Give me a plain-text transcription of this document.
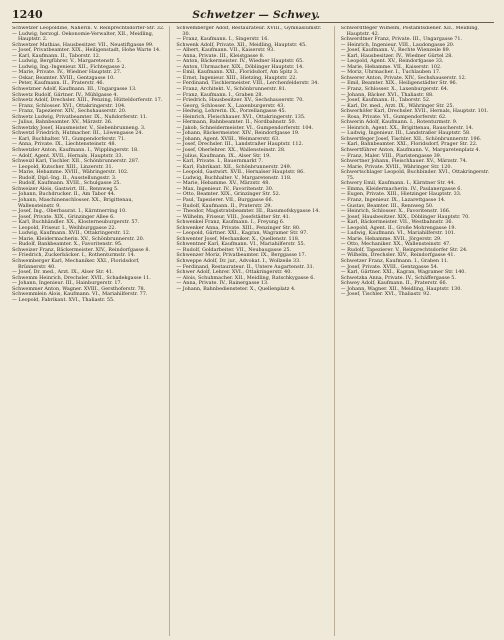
1240	Schwetzer — Schwey.

Schwetzer Leopoldine, Näherin. V. Reinprechtsdorfer-Str. 32.

— Ludwig, herzogl. Oekonomie-Verwalter, XII., Meidling, Hauptstr. 2.

Schwetzer Mathias, Hausbesitzer. VII., Neustiftgasse 99.

— Josef, Privatbeamter. XIX., Heiligenstadt, Hohe Warte 14.

— Karl, Kaufmann. II., Taborstr. 12.

— Ludwig, Bergführer. V., Margaretenstr. 5.

— Ludwig, Ing.-Ingenieur. XII., Fichtegasse 2.

— Marie, Private. IV., Wiedner Hauptstr. 27.

— Oskar, Beamter. XVIII., Gentzgasse 10.

— Peter, Kaufmann. II., Praterstr. 46.

Schwetzner Adolf, Kaufmann. III., Ungargasse 13.

Schwetz Rudolf, Gärtner. IV., Mühlgasse 4.

Schwetz Adolf, Drechsler. XIII., Penzing, Hütteldorferstr. 17.

— Franz, Schlosser. XVI., Ottakringerstr. 104.

— Franz, Tapezierer. XIV., Sechshauserstr. 20.

Schwetz Ludwig, Privatbeamter. IX., Nußdorferstr. 11.

— Julius, Bahnbeamter. XV., Märzstr. 36.

Schwetzky Josef, Hausmeister. V., Siebenbrunneng. 3.

Schwetzl Friedrich, Hutmacher. III., Löwengasse 24.

— Karl, Buchhalter. VI., Gumpendorferstr. 71.

— Anna, Private. IX., Liechtensteinstr. 48.

Schwetzler Anton, Kaufmann. I., Wipplingerstr. 18.

— Adolf, Agent. XVII., Hernals, Hauptstr. 33.

Schweizl Karl, Tischler. XII., Schönbrunnerstr. 287.

— Leopold, Kutscher. XIII., Linzerstr. 31.

— Marie, Hebamme. XVIII., Währingerstr. 102.

— Rudolf, Dipl.-Ing. II., Ausstellungsstr. 3.

— Rudolf, Kaufmann. XVIII., Schulgasse 25.

Schweizer Alois, Gastwirt. III., Rennweg 5.

— Johann, Buchdrucker. II., Am Tabor 44.

— Johann, Maschinenschlosser. XX., Brigittenau, Wallensteinstr. 9.

— Josef, Ing., Oberbaurat. I., Kärntnerring 10.

— Josef, Private. XIX., Grinzinger Allee 6.

— Karl, Buchhändler. XX., Klosterneuburgerstr. 57.

— Leopold, Friseur. I., Weihburggasse 22.

— Ludwig, Kaufmann. XVII., Ottakringerstr. 12.

— Marie, Kleidermacherin. XV., Schönbrunnerstr. 20.

— Rudolf, Bankbeamter. X., Favoritenstr. 95.

Schweizer Franz, Bäckermeister. XIV., Reindorfgasse 8.

— Friedrich, Zuckerbäcker. I., Rothenturmstr. 14.

Schwemberger Karl, Mechaniker. XXI., Floridsdorf, Brünnerstr. 40.

— Josef, Dr. med., Arzt. IX., Alser Str. 41.

Schwemm Heinrich, Drechsler. XVII., Schadekgasse 11.

— Johann, Ingenieur. III., Hainburgerstr. 17.

Schwemmer Anton, Wagner. XVIII., Gersthoferstr. 78.

Schwemmlein Alois, Kaufmann. VI., Mariahilferstr. 77.

— Leopold, Fabrikant. XVI., Thaliastr. 55.

Schwemberger Adolf, Restaurateur. XVIII., Gymnasiumstr. 30.

— Franz, Kaufmann. I., Singerstr. 16.

Schwenk Adolf, Private. XII., Meidling, Hauptstr. 45.

— Albert, Kaufmann. VII., Kaiserstr. 93.

— Anna, Private. III., Kleistgasse 8.

— Anton, Bäckermeister. IV., Wiedner Hauptstr. 65.

— Anton, Uhrmacher. XIX., Döblinger Hauptstr. 14.

— Emil, Kaufmann. XXI., Floridsdorf, Am Spitz 3.

— Ernst, Ingenieur. XIII., Hietzing, Hauptstr. 22.

— Ferdinand, Tischlermeister. VIII., Lerchenfelderstr. 34.

— Franz, Architekt. V., Schönbrunnerstr. 81.

— Franz, Kaufmann. I., Graben 28.

— Friedrich, Hausbesitzer. XV., Sechshauserstr. 70.

— Georg, Schlosser. X., Laxenburgerstr. 43.

— Hedwig, Lehrerin. IX., Porzellangasse 45.

— Heinrich, Fleischhauer. XVI., Ottakringerstr. 135.

— Hermann, Bahnbeamter. II., Nordbahnstr. 50.

— Jakob, Schneidermeister. VI., Gumpendorferstr. 104.

— Johann, Bäckermeister. XIV., Reindorfgasse 19.

— Johann, Agent. XVIII., Weimarerstr. 63.

— Josef, Drechsler. III., Landstraßer Hauptstr. 112.

— Josef, Oberlehrer. XX., Wallensteinstr. 28.

— Julius, Kaufmann. IX., Alser Str. 19.

— Karl, Private. I., Bauernmarkt 7.

— Karl, Fabrikant. XII., Schönbrunnerstr. 249.

— Leopold, Gastwirt. XVII., Hernalser Hauptstr. 86.

— Ludwig, Buchhalter. V., Margaretenstr. 118.

— Marie, Hebamme. XV., Märzstr. 48.

— Max, Ingenieur. IV., Favoritenstr. 30.

— Otto, Beamter. XIX., Grinzinger Str. 52.

— Paul, Tapezierer. VII., Burggasse 66.

— Rudolf, Kaufmann. II., Praterstr. 29.

— Theodor, Magistratsbeamter. III., Rasumofskygasse 14.

— Wilhelm, Friseur. VIII., Josefstädter Str. 41.

Schwenkel Franz, Kaufmann. I., Freyung 6.

Schwenker Anna, Private. XIII., Penzinger Str. 80.

— Leopold, Gärtner. XXI., Kagran, Wagramer Str. 97.

Schwenter Josef, Mechaniker. X., Quellenstr. 118.

Schwentner Karl, Kaufmann. VI., Mariahilferstr. 55.

— Rudolf, Goldarbeiter. VII., Neubaugasse 25.

Schwenzer Moriz, Privatbeamter. IX., Berggasse 17.

Schweppe Adolf, Dr. jur., Advokat. I., Wollzeile 33.

— Ferdinand, Restaurateur. II., Untere Augartenstr. 31.

Schwer Adolf, Lehrer. XVI., Ottakringerstr. 40.

— Alois, Schuhmacher. XII., Meidling, Ratschkygasse 6.

— Anna, Private. IV., Rainergasse 13.

— Johann, Bahnbediensteter. X., Quellenplatz 4.

Schwerdtfeger Wilhelm, Postamtsdiener. XII., Meidling, Hauptstr. 42.

Schwerdtner Franz, Private. III., Ungargasse 71.

— Heinrich, Ingenieur. VIII., Laudongasse 20.

— Josef, Kaufmann. V., Rechte Wienzeile 89.

— Karl, Hausbesitzer. IV., Wiedner Gürtel 28.

— Leopold, Agent. XV., Reindorfgasse 33.

— Marie, Hebamme. VII., Kaiserstr. 102.

— Moriz, Uhrmacher. I., Tuchlauben 17.

Schwerer Anton, Private. XIV., Sechshauserstr. 12.

— Emil, Beamter. XIX., Heiligenstädter Str. 96.

— Franz, Schlosser. X., Laxenburgerstr. 64.

— Johann, Bäcker. XVI., Thaliastr. 88.

— Josef, Kaufmann. II., Taborstr. 52.

— Karl, Dr. med., Arzt. IX., Währinger Str. 25.

Schwerhöfer Karl, Drechsler. XVII., Hernals, Hauptstr. 101.

— Rosa, Private. VI., Gumpendorferstr. 62.

Schwerin Adolf, Kaufmann. I., Rotenturmstr. 9.

— Heinrich, Agent. XX., Brigittenau, Rauscherstr. 14.

— Ludwig, Ingenieur. III., Landstraßer Hauptstr. 58.

Schwertfeger Josef, Tischler. XII., Schönbrunnerstr. 196.

— Karl, Bahnbeamter. XXI., Floridsdorf, Prager Str. 22.

Schwertführer Anton, Kaufmann. V., Margaretenplatz 4.

— Franz, Maler. VIII., Piaristengasse 39.

Schwertner Johann, Fleischhauer. XV., Märzstr. 74.

— Marie, Private. XVIII., Währinger Str. 120.

Schwertschlager Leopold, Buchbinder. XVI., Ottakringerstr. 75.

Schwery Emil, Kaufmann. I., Kärntner Str. 44.

— Emma, Kleidermacherin. IV., Paulanergasse 6.

— Eugen, Private. XIII., Hietzinger Hauptstr. 33.

— Franz, Ingenieur. IX., Lazarettgasse 14.

— Gustav, Beamter. III., Rennweg 50.

— Heinrich, Schlosser. X., Favoritenstr. 166.

— Josef, Hausbesitzer. XIX., Döblinger Hauptstr. 70.

— Karl, Bäckermeister. VII., Westbahnstr. 36.

— Leopold, Agent. II., Große Mohrengasse 19.

— Ludwig, Kaufmann. VI., Mariahilferstr. 101.

— Marie, Hebamme. XVII., Jörgerstr. 29.

— Otto, Mechaniker. XX., Wallensteinstr. 47.

— Rudolf, Tapezierer. V., Reinprechtsdorfer Str. 24.

— Wilhelm, Drechsler. XIV., Reindorfgasse 41.

Schwetzer Franz, Kaufmann. I., Graben 11.

— Josef, Private. XVIII., Gentzgasse 54.

— Karl, Gärtner. XXI., Kagran, Wagramer Str. 140.

Schwetzka Anna, Private. IV., Schäffergasse 5.

Schwey Adolf, Kaufmann. II., Praterstr. 66.

— Johann, Wagner. XII., Meidling, Hauptstr. 130.

— Josef, Tischler. XVI., Thaliastr. 92.
